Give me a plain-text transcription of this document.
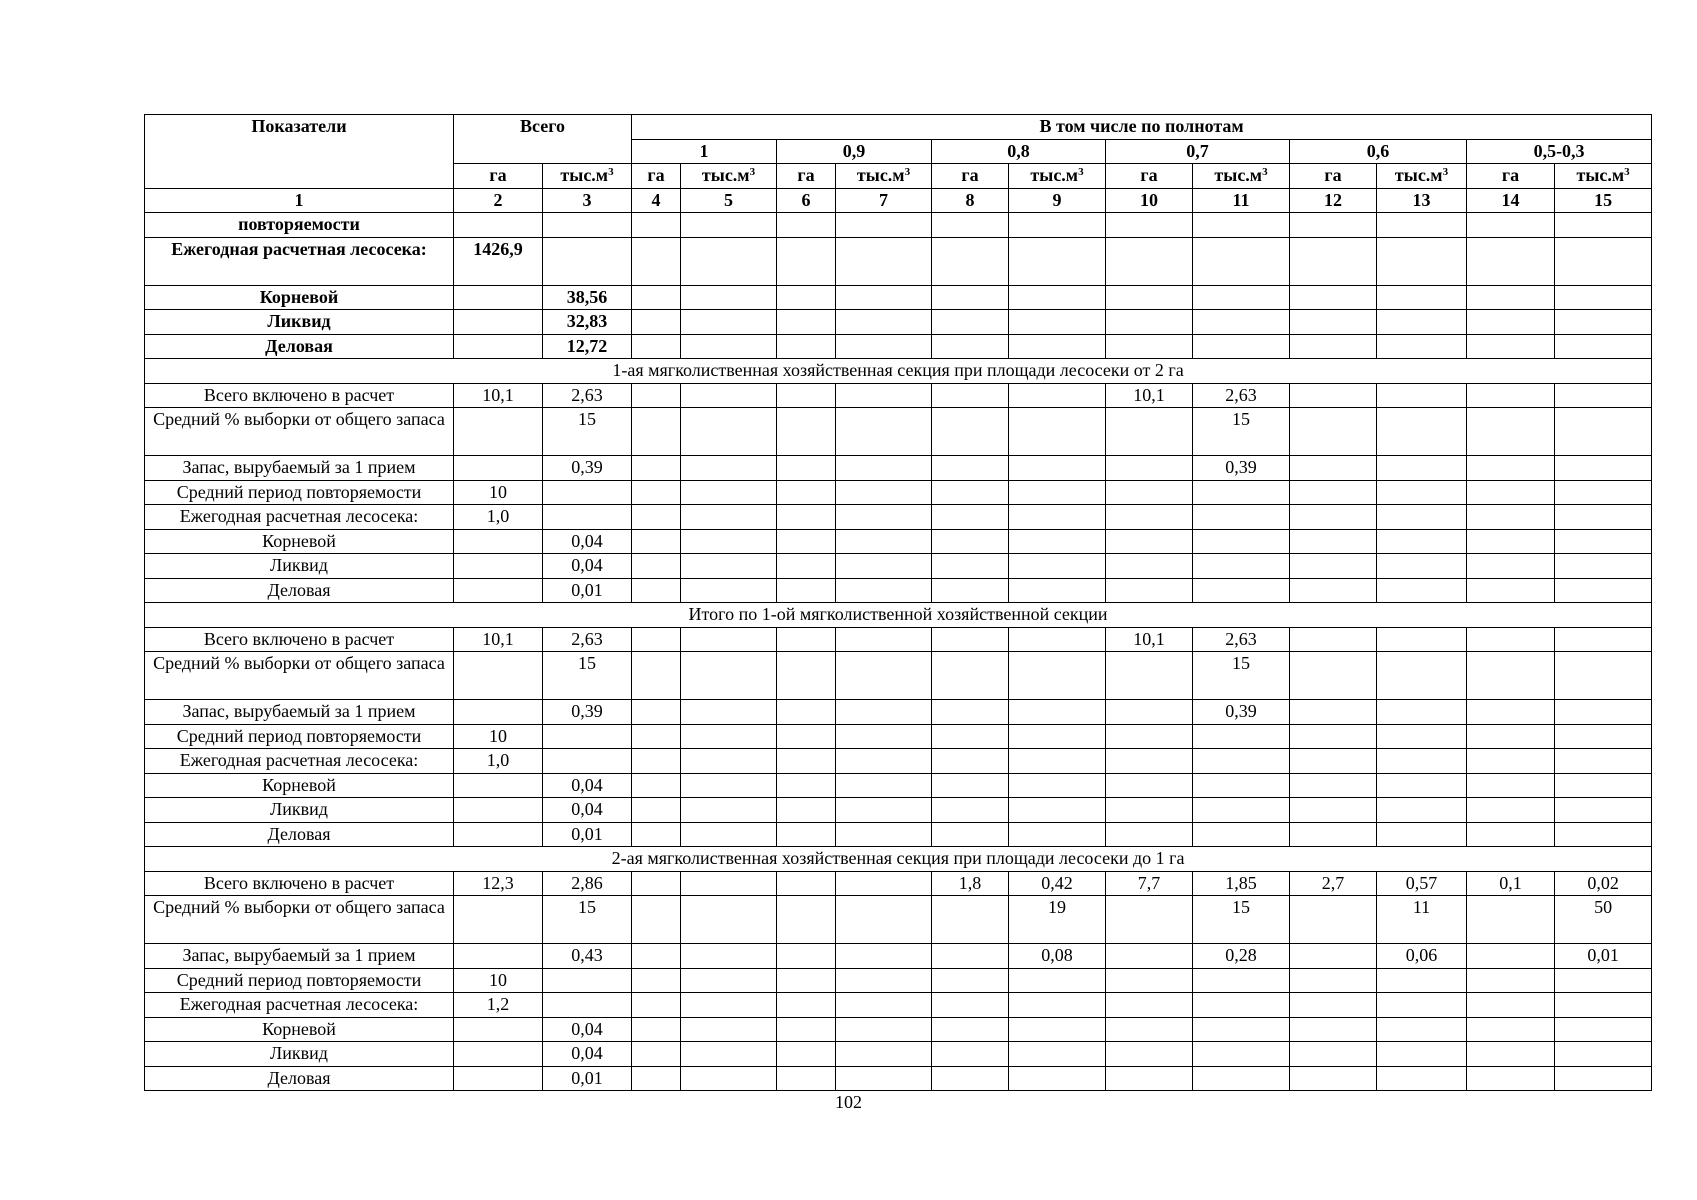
Показатели	Всего		В том числе по полнотам											
			1		0,9		0,8		0,7		0,6		0,5-0,3	
	га	$тыс.м^3$	га	$тыс.м^3$	га	$тыс.м^3$	га	$тыс.м^3$	га	$тыс.м^3$	га	$тыс.м^3$	га	$тыс.м^3$
1	2	3	4	5	6	7	8	9	10	11	12	13	14	15
повторяемости														
Ежегодная расчетная лесосека:	1426,9													
Корневой		38,56												
Ликвид		32,83												
Деловая		12,72												
1-ая мягколиственная хозяйственная секция при площади лесосеки от 2 га														
Всего включено в расчет	10,1	2,63							10,1	2,63				
Средний % выборки от общего запаса		15								15				
Запас, вырубаемый за 1 прием		0,39								0,39				
Средний период повторяемости	10													
Ежегодная расчетная лесосека:	1,0													
Корневой		0,04												
Ликвид		0,04												
Деловая		0,01												
Итого по 1-ой мягколиственной хозяйственной секции														
Всего включено в расчет	10,1	2,63							10,1	2,63				
Средний % выборки от общего запаса		15								15				
Запас, вырубаемый за 1 прием		0,39								0,39				
Средний период повторяемости	10													
Ежегодная расчетная лесосека:	1,0													
Корневой		0,04												
Ликвид		0,04												
Деловая		0,01												
2-ая мягколиственная хозяйственная секция при площади лесосеки до 1 га														
Всего включено в расчет	12,3	2,86					1,8	0,42	7,7	1,85	2,7	0,57	0,1	0,02
Средний % выборки от общего запаса		15						19		15		11		50
Запас, вырубаемый за 1 прием		0,43						0,08		0,28		0,06		0,01
Средний период повторяемости	10													
Ежегодная расчетная лесосека:	1,2													
Корневой		0,04												
Ликвид		0,04												
Деловая		0,01												
102
